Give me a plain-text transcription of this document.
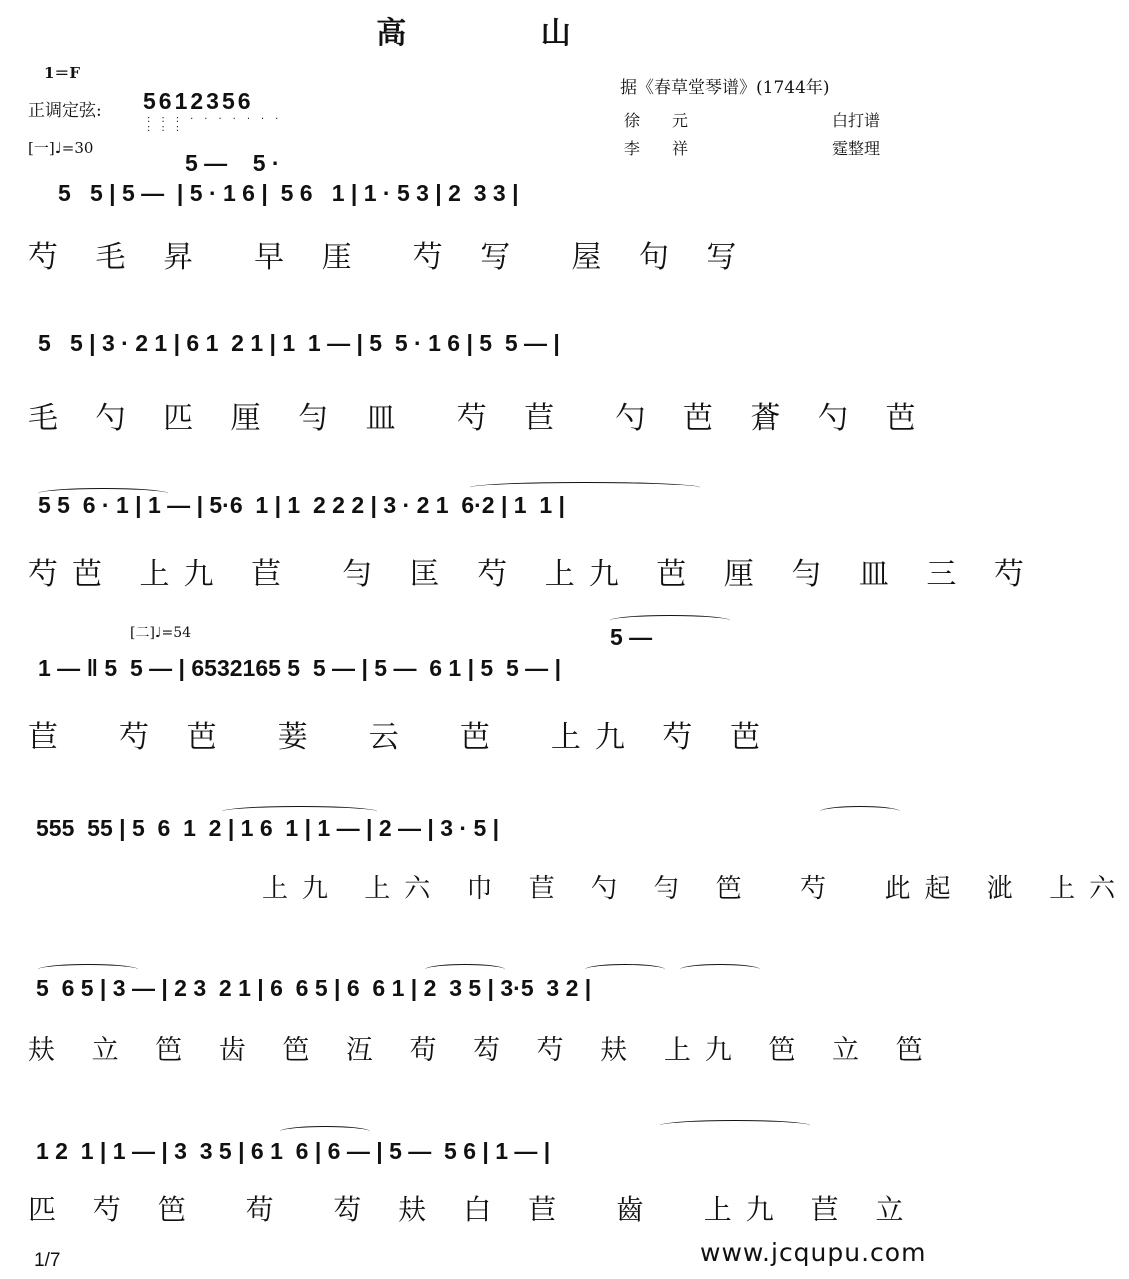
高 山
1＝F
正调定弦: 5612356
:::·······
:::
[一]♩=30
据《春草堂琴谱》(1744年)
徐　　元	白打谱
李　　祥	霆整理
5 —    5 ·
5   5 | 5 —  | 5 · 1 6 |  5 6   1 | 1 · 5 3 | 2  3 3 |
芍 毛 昇  早 厓  芍 写  屋 句 写
5   5 | 3 · 2 1 | 6 1  2 1 | 1  1 — | 5  5 · 1 6 | 5  5 — |
毛 勺 匹 厘 勻 皿  芍 苣  勺 芭 蒼 勺 芭
5 5  6 · 1 | 1 — | 5·6  1 | 1  2 2 2 | 3 · 2 1  6·2 | 1  1 |
芍芭 上九 苣  勻 匡 芍 上九 芭 厘 勻 皿 三 芍
[二]♩=54	5 —
1 — ‖ 5  5 — | 6532165 5  5 — | 5 —  6 1 | 5  5 — |
苣  芍 芭  菨  云  芭  上九 芍 芭
555  55 | 5  6  1  2 | 1 6  1 | 1 — | 2 — | 3 · 5 |
上九 上六 巾 苣 勺 勻 笆  芍  此起 泚 上六
5  6 5 | 3 — | 2 3  2 1 | 6  6 5 | 6  6 1 | 2  3 5 | 3·5  3 2 |
㚘 立 笆 齿 笆 沍 苟 芶 芍 㚘 上九 笆 立 笆
1 2  1 | 1 — | 3  3 5 | 6 1  6 | 6 — | 5 —  5 6 | 1 — |
匹 芍 笆  苟  芶 㚘 白 苣  齒  上九 苣 立
1/7	www.jcqupu.com
